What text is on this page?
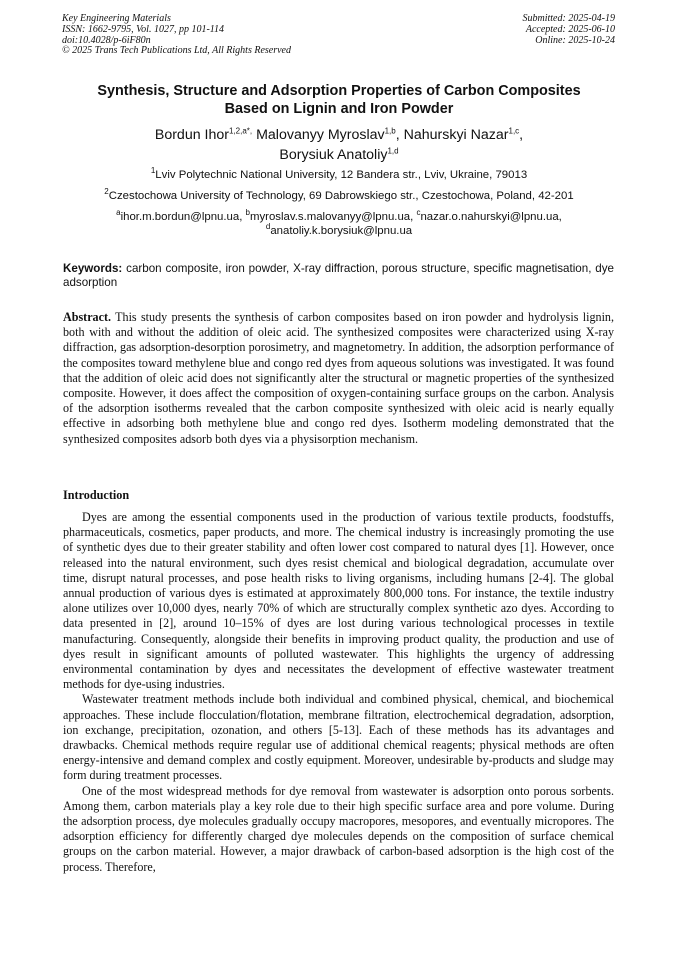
Key Engineering Materials
ISSN: 1662-9795, Vol. 1027, pp 101-114
doi:10.4028/p-6iF80n
© 2025 Trans Tech Publications Ltd, All Rights Reserved
Submitted: 2025-04-19
Accepted: 2025-06-10
Online: 2025-10-24
Synthesis, Structure and Adsorption Properties of Carbon Composites
Based on Lignin and Iron Powder
Bordun Ihor$^{1,2,a*,}$ Malovanyy Myroslav$^{1,b}$, Nahurskyi Nazar$^{1,c}$,
Borysiuk Anatoliy$^{1,d}$
$^1$Lviv Polytechnic National University, 12 Bandera str., Lviv, Ukraine, 79013
$^2$Czestochowa University of Technology, 69 Dabrowskiego str., Czestochowa, Poland, 42-201
$^a$ihor.m.bordun@lpnu.ua, $^b$myroslav.s.malovanyy@lpnu.ua, $^c$nazar.o.nahurskyi@lpnu.ua,
$^d$anatoliy.k.borysiuk@lpnu.ua
Keywords: carbon composite, iron powder, X-ray diffraction, porous structure, specific magnetisation, dye adsorption
Abstract. This study presents the synthesis of carbon composites based on iron powder and hydrolysis lignin, both with and without the addition of oleic acid. The synthesized composites were characterized using X-ray diffraction, gas adsorption-desorption porosimetry, and magnetometry. In addition, the adsorption performance of the composites toward methylene blue and congo red dyes from aqueous solutions was investigated. It was found that the addition of oleic acid does not significantly alter the structural or magnetic properties of the synthesized composite. However, it does affect the composition of oxygen-containing surface groups on the carbon. Analysis of the adsorption isotherms revealed that the carbon composite synthesized with oleic acid is nearly equally effective in adsorbing both methylene blue and congo red dyes. Isotherm modeling demonstrated that the synthesized composites adsorb both dyes via a physisorption mechanism.
Introduction

Dyes are among the essential components used in the production of various textile products, foodstuffs, pharmaceuticals, cosmetics, paper products, and more. The chemical industry is increasingly promoting the use of synthetic dyes due to their greater stability and often lower cost compared to natural dyes [1]. However, once released into the natural environment, such dyes resist chemical and biological degradation, accumulate over time, disrupt natural processes, and pose health risks to living organisms, including humans [2-4]. The global annual production of various dyes is estimated at approximately 800,000 tons. For instance, the textile industry alone utilizes over 10,000 dyes, nearly 70% of which are structurally complex synthetic azo dyes. According to data presented in [2], around 10–15% of dyes are lost during various technological processes in textile manufacturing. Consequently, alongside their benefits in improving product quality, the production and use of dyes result in significant amounts of polluted wastewater. This highlights the urgency of addressing environmental contamination by dyes and necessitates the development of effective wastewater treatment methods for dye-using industries.

Wastewater treatment methods include both individual and combined physical, chemical, and biochemical approaches. These include flocculation/flotation, membrane filtration, electrochemical degradation, adsorption, ion exchange, precipitation, ozonation, and others [5-13]. Each of these methods has its advantages and drawbacks. Chemical methods require regular use of additional chemical reagents; physical methods are often energy-intensive and demand complex and costly equipment. Moreover, undesirable by-products and sludge may form during treatment processes.

One of the most widespread methods for dye removal from wastewater is adsorption onto porous sorbents. Among them, carbon materials play a key role due to their high specific surface area and pore volume. During the adsorption process, dye molecules gradually occupy macropores, mesopores, and eventually micropores. The adsorption efficiency for differently charged dye molecules depends on the composition of surface chemical groups on the carbon material. However, a major drawback of carbon-based adsorption is the high cost of the process. Therefore,
